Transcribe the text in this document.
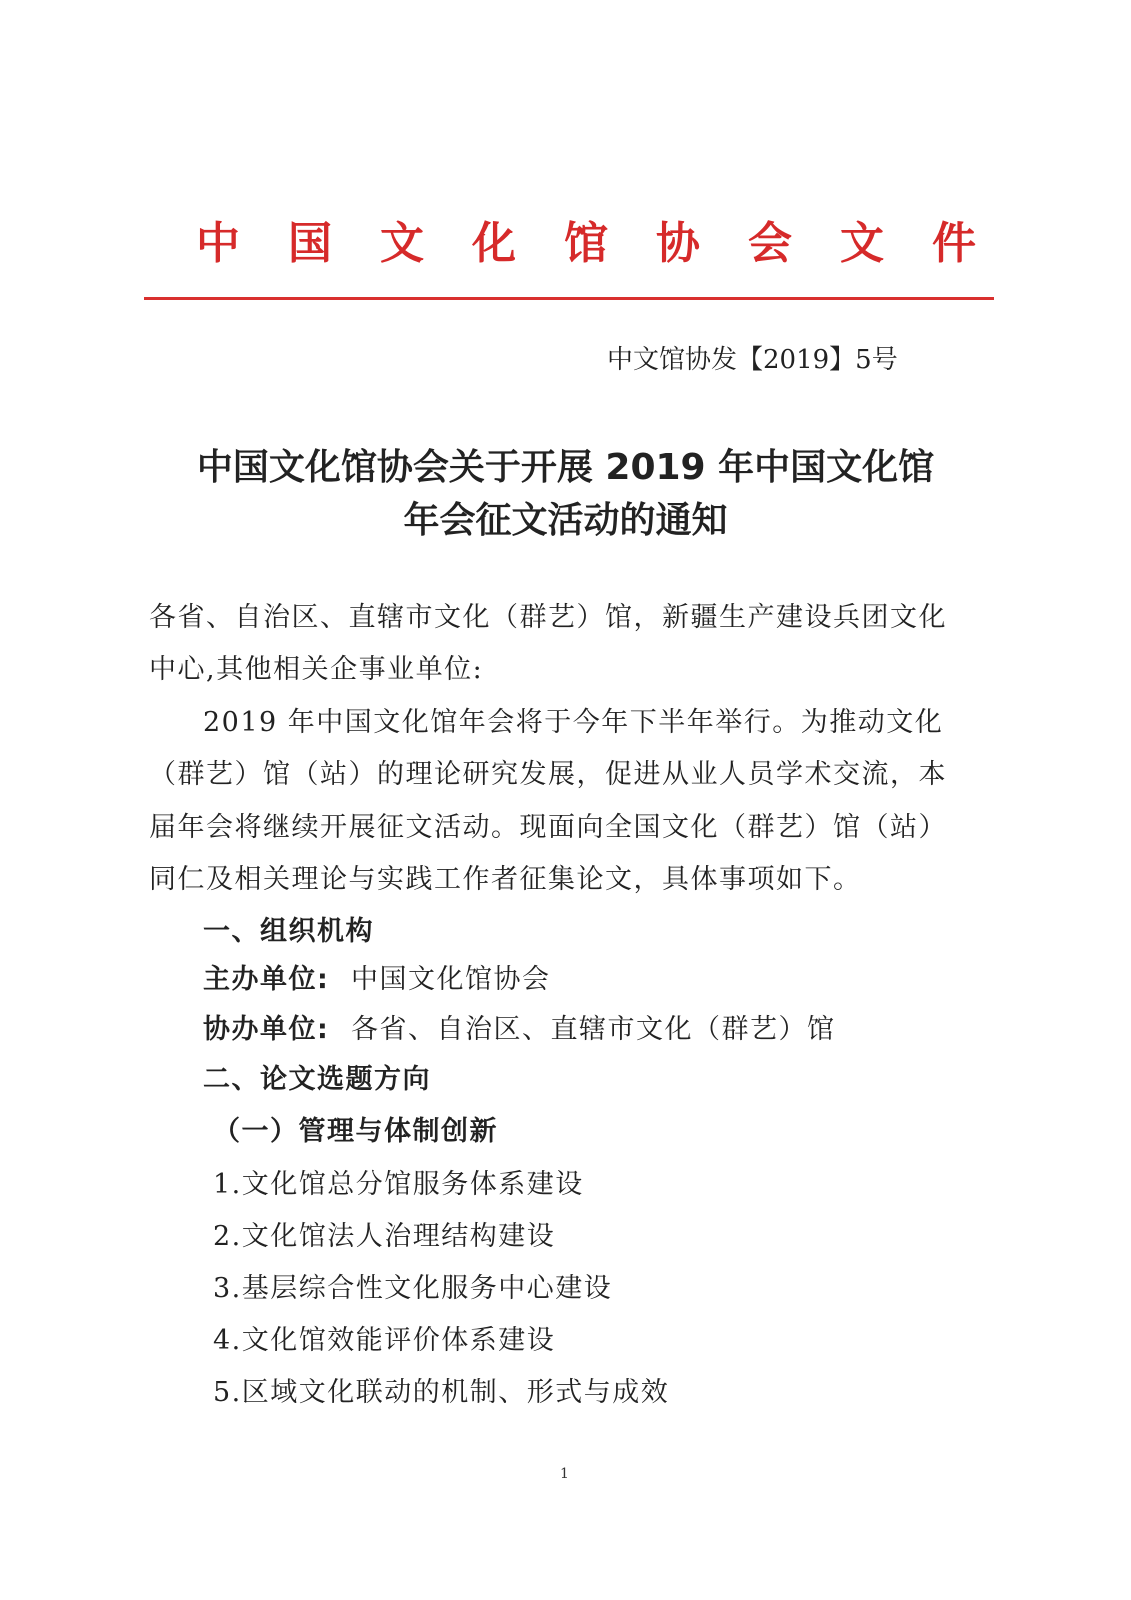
中国文化馆协会文件
中文馆协发【2019】5号
中国文化馆协会关于开展 2019 年中国文化馆
年会征文活动的通知
各省、自治区、直辖市文化（群艺）馆，新疆生产建设兵团文化
中心,其他相关企事业单位:
2019 年中国文化馆年会将于今年下半年举行。为推动文化
（群艺）馆（站）的理论研究发展，促进从业人员学术交流，本
届年会将继续开展征文活动。现面向全国文化（群艺）馆（站）
同仁及相关理论与实践工作者征集论文，具体事项如下。
一、组织机构
主办单位: 中国文化馆协会
协办单位: 各省、自治区、直辖市文化（群艺）馆
二、论文选题方向
（一）管理与体制创新
1.文化馆总分馆服务体系建设
2.文化馆法人治理结构建设
3.基层综合性文化服务中心建设
4.文化馆效能评价体系建设
5.区域文化联动的机制、形式与成效
1
